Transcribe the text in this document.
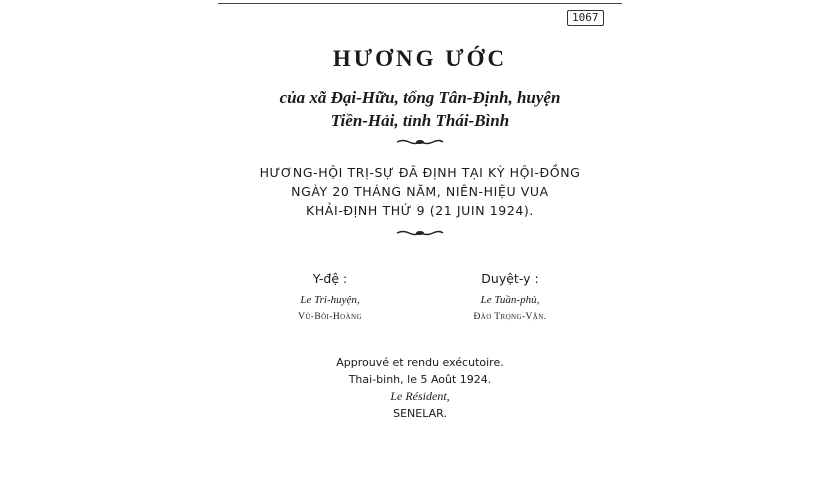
1067
HƯƠNG ƯỚC
của xã Đại-Hữu, tổng Tân-Định, huyện
Tiền-Hải, tỉnh Thái-Bình
HƯƠNG-HỘI TRỊ-SỰ ĐÃ ĐỊNH TẠI KỲ HỘI-ĐỒNG
NGÀY 20 THÁNG NĂM, NIÊN-HIỆU VUA
KHẢI-ĐỊNH THỨ 9 (21 JUIN 1924).
Y-đệ :
Le Tri-huyện,
Vũ-Bôi-Hoàng
Duyệt-y :
Le Tuần-phủ,
Đào Trọng-Vận.
Approuvé et rendu exécutoire.
Thai-binh, le 5 Août 1924.
Le Résident,
SENELAR.
